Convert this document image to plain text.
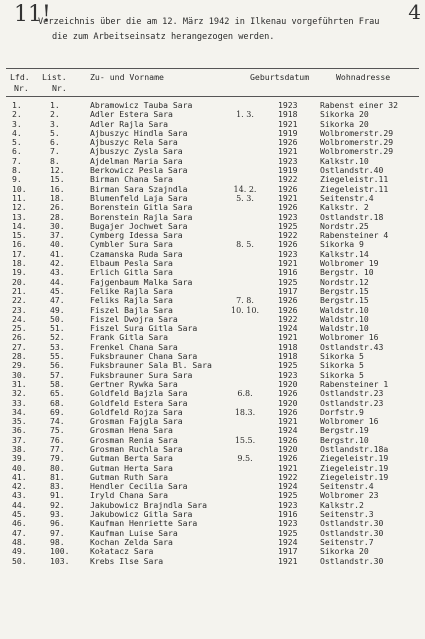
11!	4
Verzeichnis über die am 12. März 1942 in Ilkenau vorgeführten Frau
die zum Arbeitseinsatz herangezogen werden.
Lfd. List.	Zu- und Vorname	Geburtsdatum	Wohnadresse
Nr.	Nr.
1.	1.	Abramowicz Tauba Sara		1923	Rabenst einer 32
2.	2.	Adler Estera Sara	1. 3.	1918	Sikorka 20
3.	3.	Adler Rajla Sara		1921	Sikorka 20
4.	5.	Ajbuszyc Hindla Sara		1919	Wolbromerstr.29
5.	6.	Ajbuszyc Rela Sara		1926	Wolbromerstr.29
6.	7.	Ajbuszyc Zysla Sara		1921	Wolbromerstr.29
7.	8.	Ajdelman Maria Sara		1923	Kalkstr.10
8.	12.	Berkowicz Pesla Sara		1919	Ostlandstr.40
9.	15.	Birman Chana Sara		1922	Ziegeleistr.11
10.	16.	Birman Sara Szajndla	14. 2.	1926	Ziegeleistr.11
11.	18.	Blumenfeld Laja Sara	5. 3.	1921	Seitenstr.4
12.	26.	Borenstein Gitla Sara		1926	Kalkstr. 2
13.	28.	Borenstein Rajla Sara		1923	Ostlandstr.18
14.	30.	Bugajer Jochwet Sara		1925	Nordstr.25
15.	37.	Cymberg Idessa Sara		1922	Rabensteiner 4
16.	40.	Cymbler Sura Sara	8. 5.	1926	Sikorka 9
17.	41.	Czamanska Ruda Sara		1923	Kalkstr.14
18.	42.	Elbaum Pesla Sara		1921	Wolbromer 19
19.	43.	Erlich Gitla Sara		1916	Bergstr. 10
20.	44.	Fajgenbaum Malka Sara		1925	Nordstr.12
21.	45.	Felike Rajla Sara		1917	Bergstr.15
22.	47.	Feliks Rajla Sara	7. 8.	1926	Bergstr.15
23.	49.	Fiszel Bajla Sara	10. 10.	1926	Waldstr.10
24.	50.	Fiszel Dwojra Sara		1922	Waldstr.10
25.	51.	Fiszel Sura Gitla Sara		1924	Waldstr.10
26.	52.	Frank Gitla Sara		1921	Wolbromer 16
27.	53.	Frenkel Chana Sara		1918	Ostlandstr.43
28.	55.	Fuksbrauner Chana Sara		1918	Sikorka 5
29.	56.	Fuksbrauner Sala Bl. Sara		1925	Sikorka 5
30.	57.	Fuksbrauner Sura Sara		1923	Sikorka 5
31.	58.	Gertner Rywka Sara		1920	Rabensteiner 1
32.	65.	Goldfeld Bajzla Sara	6.8.	1926	Ostlandstr.23
33.	68.	Goldfeld Estera Sara		1920	Ostlandstr.23
34.	69.	Goldfeld Rojza Sara	18.3.	1926	Dorfstr.9
35.	74.	Grosman Fajgla Sara		1921	Wolbromer 16
36.	75.	Grosman Hena Sara		1924	Bergstr.19
37.	76.	Grosman Renia Sara	15.5.	1926	Bergstr.10
38.	77.	Grosman Ruchla Sara		1920	Ostlandstr.18a
39.	79.	Gutman Berta Sara	9.5.	1926	Ziegeleistr.19
40.	80.	Gutman Herta Sara		1921	Ziegeleistr.19
41.	81.	Gutman Ruth Sara		1922	Ziegeleistr.19
42.	83.	Hendler Cecilia Sara		1924	Seitenstr.4
43.	91.	Iryld Chana Sara		1925	Wolbromer 23
44.	92.	Jakubowicz Brajndla Sara		1923	Kalkstr.2
45.	93.	Jakubowicz Gitla Sara		1916	Seitenstr.3
46.	96.	Kaufman Henriette Sara		1923	Ostlandstr.30
47.	97.	Kaufman Luise Sara		1925	Ostlandstr.30
48.	98.	Kochan Zelda Sara		1924	Seitenstr.7
49.	100.	Kołatacz Sara		1917	Sikorka 20
50.	103.	Krebs Ilse Sara		1921	Ostlandstr.30
